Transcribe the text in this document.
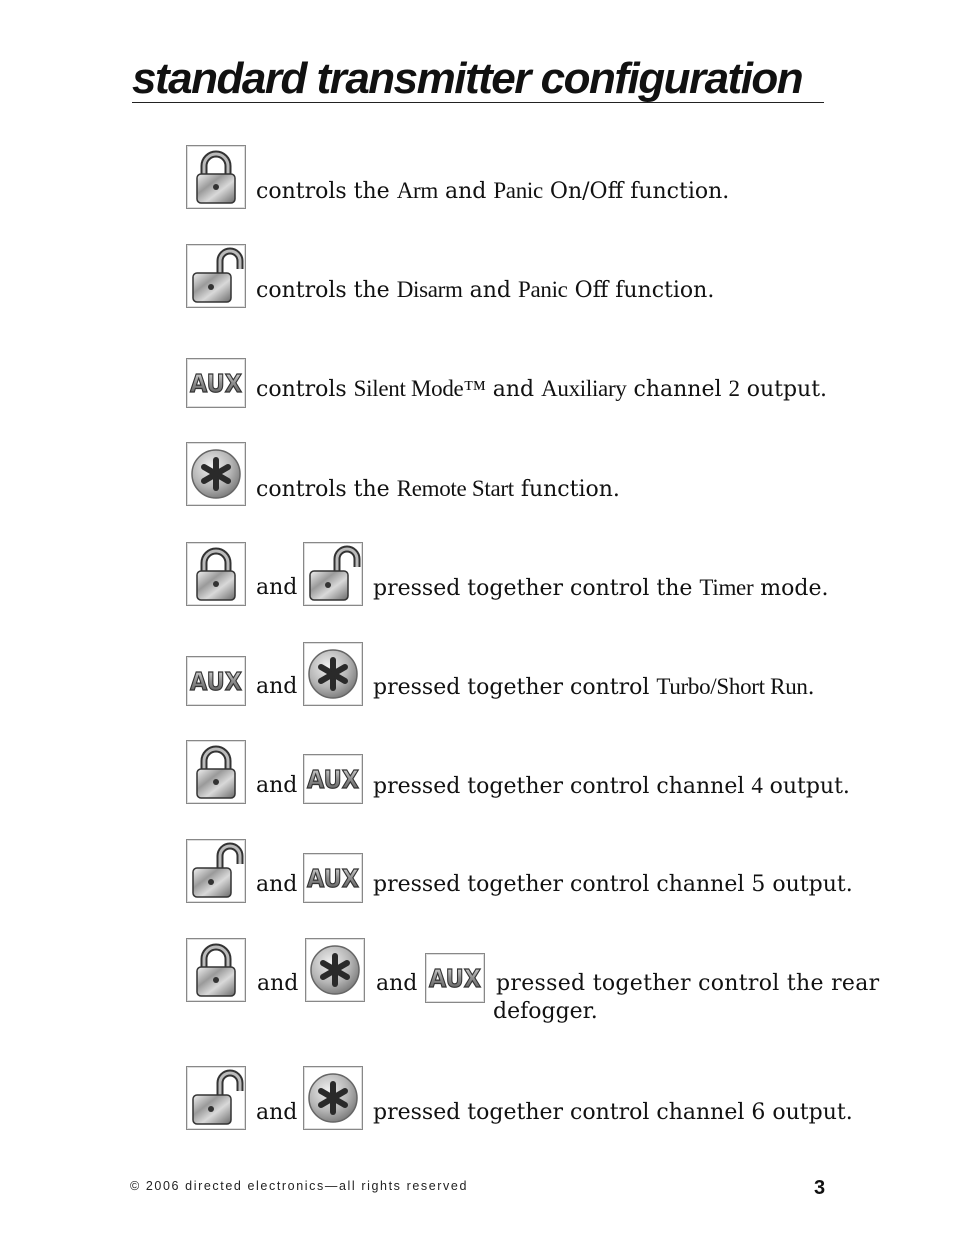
standard transmitter configuration
controls the Arm and Panic On/Off function.
controls the Disarm and Panic Off function.
AUX controls Silent Mode™ and Auxiliary channel 2 output.
controls the Remote Start function.
and	pressed together control the Timer mode.
AUX and	pressed together control Turbo/Short Run.
and AUX pressed together control channel 4 output.
and AUX pressed together control channel 5 output.
and	and AUX pressed together control the rear
defogger.
and	pressed together control channel 6 output.
© 2006 directed electronics—all rights reserved	3
